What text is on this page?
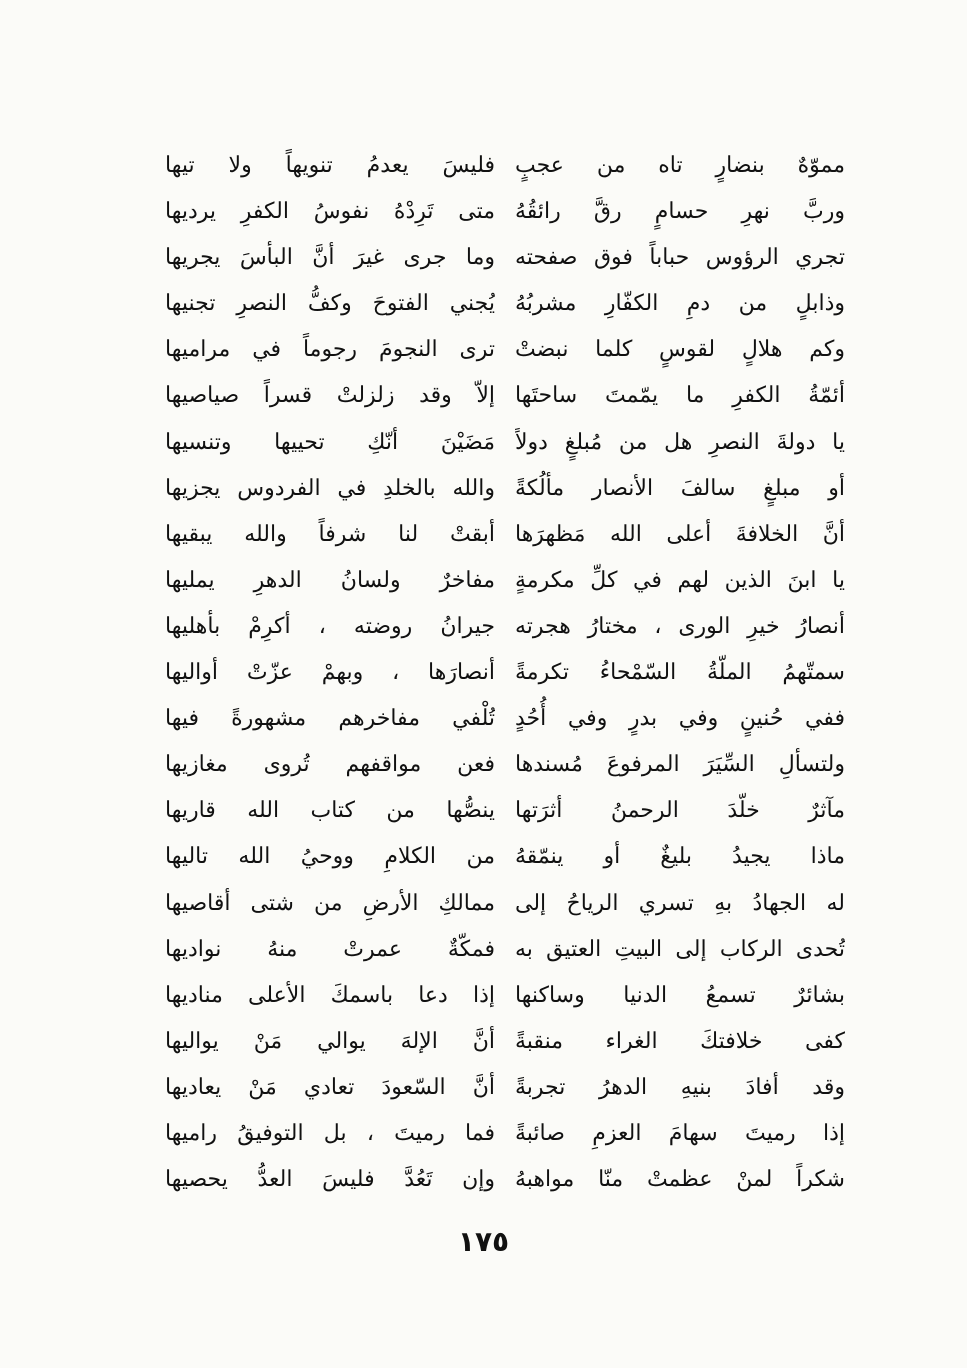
مموّهٌ بنضارٍ تاه من عجبٍ
وربَّ نهرِ حسامٍ رقَّ رائقُهُ
تجري الرؤوس حباباً فوق صفحته
وذابلٍ من دمِ الكفّارِ مشربُهُ
وكم هلالٍ لقوسٍ كلما نبضتْ
أئمّةُ الكفرِ ما يمّمتَ ساحتَها
يا دولةَ النصرِ هل من مُبلغٍ دولاً
أو مبلغٍ سالفَ الأنصار مألُكةً
أنَّ الخلافةَ أعلى الله مَظهرَها
يا ابنَ الذين لهم في كلِّ مكرمةٍ
أنصارُ خيرِ الورى ، مختارُ هجرته
سمتّهمُ الملّةُ السّمْحاءُ تكرمةً
ففي حُنينٍ وفي بدرٍ وفي أُحُدٍ
ولتسألِ السِّيَرَ المرفوعَ مُسندها
مآثرٌ خلّدَ الرحمنُ أثرَتها
ماذا يجيدُ بليغٌ أو ينمّقهُ
له الجهادُ بهِ تسري الرياحُ إلى
تُحدى الركاب إلى البيتِ العتيق به
بشائرٌ تسمعُ الدنيا وساكنها
كفى خلافتكَ الغراء منقبةً
وقد أفادَ بنيهِ الدهرُ تجربةً
إذا رميتَ سهامَ العزمِ صائبةً
شكراً لمنْ عظمتْ منّا مواهبهُ
فليسَ يعدمُ تنويهاً ولا تيها
متى تَرِدْهُ نفوسُ الكفرِ يرديها
وما جرى غيرَ أنَّ البأسَ يجريها
يُجني الفتوحَ وكفُّ النصرِ تجنيها
ترى النجومَ رجوماً في مراميها
إلاّ وقد زلزلتْ قسراً صياصيها
مَضَيْنَ أنّكِ تحييها وتنسيها
والله بالخلدِ في الفردوس يجزيها
أبقتْ لنا شرفاً والله يبقيها
مفاخرٌ ولسانُ الدهرِ يمليها
جيرانُ روضته ، أكرِمْ بأهليها
أنصارَها ، وبهمْ عزّتْ أواليها
تُلْفي مفاخرهم مشهورةً فيها
فعن مواقفهم تُروى مغازيها
ينصُّها من كتاب الله قاريها
من الكلامِ ووحيُ الله تاليها
ممالكِ الأرضِ من شتى أقاصيها
فمكّةٌ عمرتْ منهُ نواديها
إذا دعا باسمكَ الأعلى مناديها
أنَّ الإلهَ يوالي مَنْ يواليها
أنَّ السّعودَ تعادي مَنْ يعاديها
فما رميتَ ، بل التوفيقُ راميها
وإن تَعُدَّ فليسَ العدُّ يحصيها
١٧٥
